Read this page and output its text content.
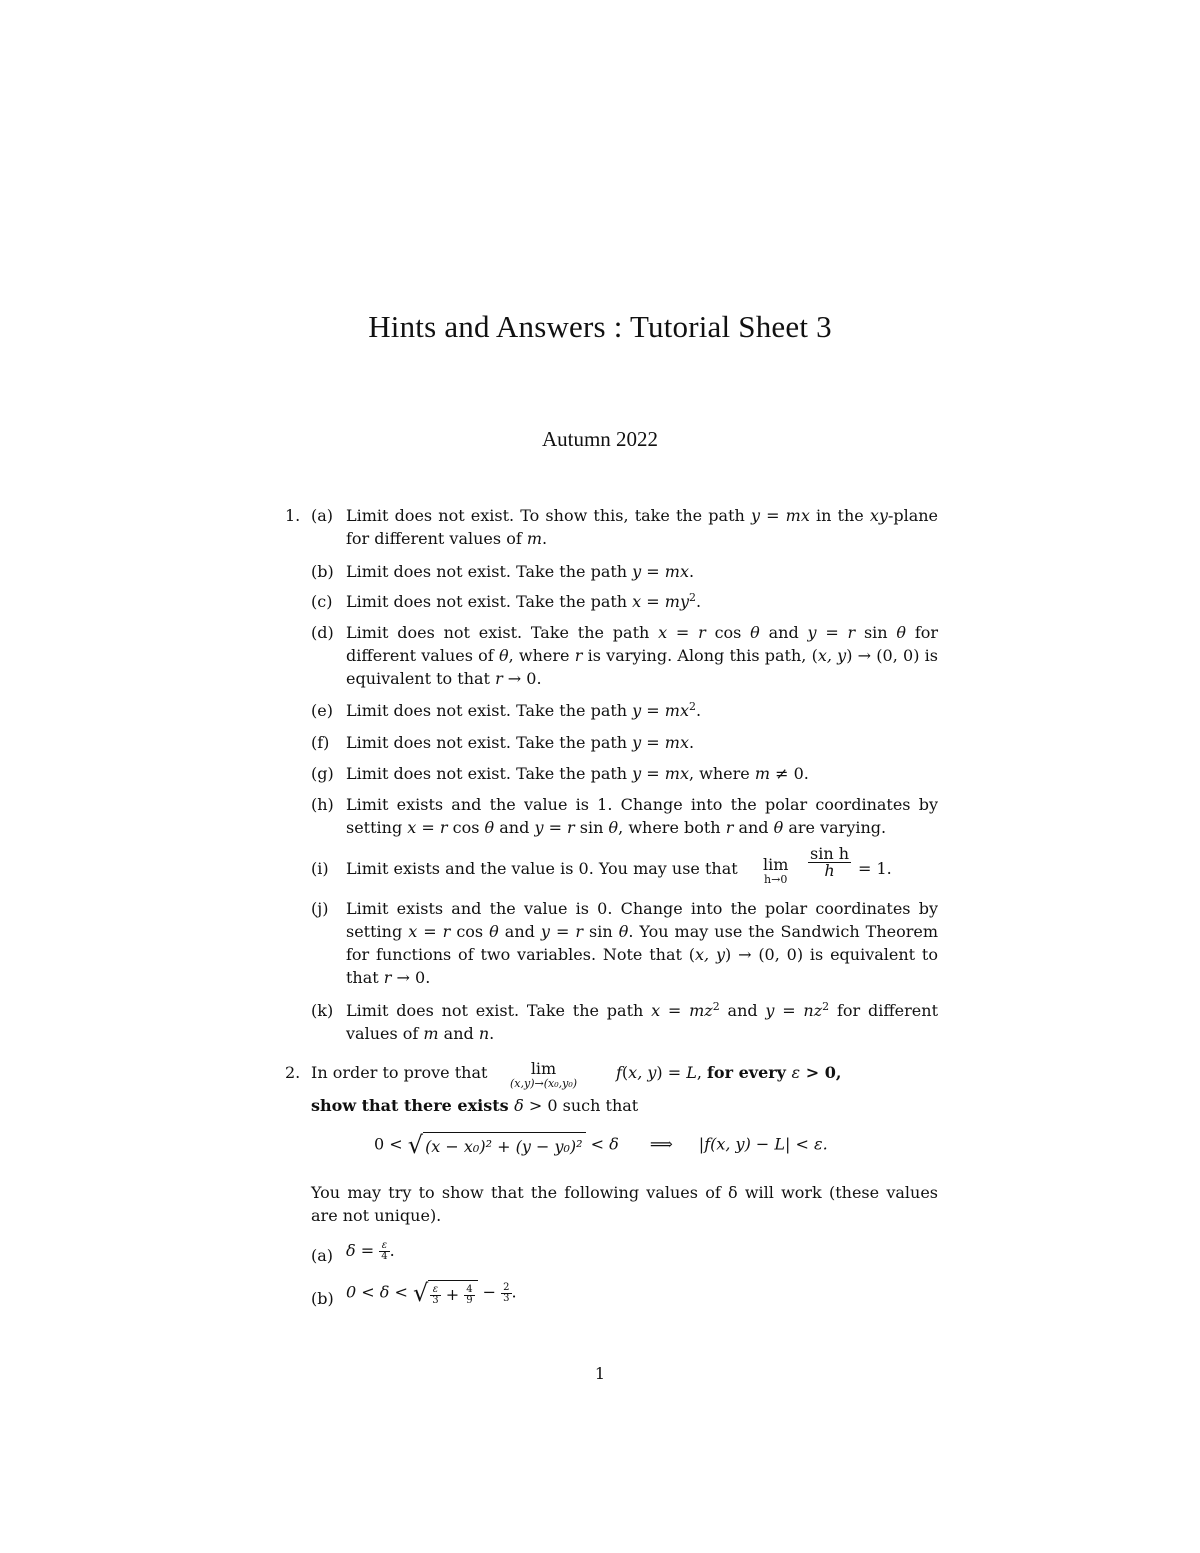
Hints and Answers : Tutorial Sheet 3
Autumn 2022
1. (a) Limit does not exist. To show this, take the path y = mx in the xy-plane for different values of m.
(b) Limit does not exist. Take the path y = mx.
(c) Limit does not exist. Take the path $x = my^2$.
(d) Limit does not exist. Take the path x = r cos θ and y = r sin θ for different values of θ, where r is varying. Along this path, (x, y) → (0, 0) is equivalent to that r → 0.
(e) Limit does not exist. Take the path $y = mx^2$.
(f) Limit does not exist. Take the path y = mx.
(g) Limit does not exist. Take the path y = mx, where m ≠ 0.
(h) Limit exists and the value is 1. Change into the polar coordinates by setting x = r cos θ and y = r sin θ, where both r and θ are varying.
(i) Limit exists and the value is 0. You may use that lim
h→0
$\frac{\text{sin h}}{h} = 1$.
(j) Limit exists and the value is 0. Change into the polar coordinates by setting x = r cos θ and y = r sin θ. You may use the Sandwich Theorem for functions of two variables. Note that (x, y) → (0, 0) is equivalent to that r → 0.
(k) Limit does not exist. Take the path $x = mz^2$ and $y = nz^2$ for different values of m and n.
2. In order to prove that	lim
(x,y)→(x₀,y₀)
f(x, y) = L, for every ε > 0,
show that there exists δ > 0 such that
0 < √ (x − x₀)² + (y − y₀)² < δ ⟹ |f(x, y) − L| < ε.
You may try to show that the following values of δ will work (these values are not unique).
(a) $\delta = \frac{\varepsilon}{4}$ .
(b) 0 < δ < √ $\frac{\varepsilon}{3} + \frac{4}{9} - \frac{2}{3}$ .
1
